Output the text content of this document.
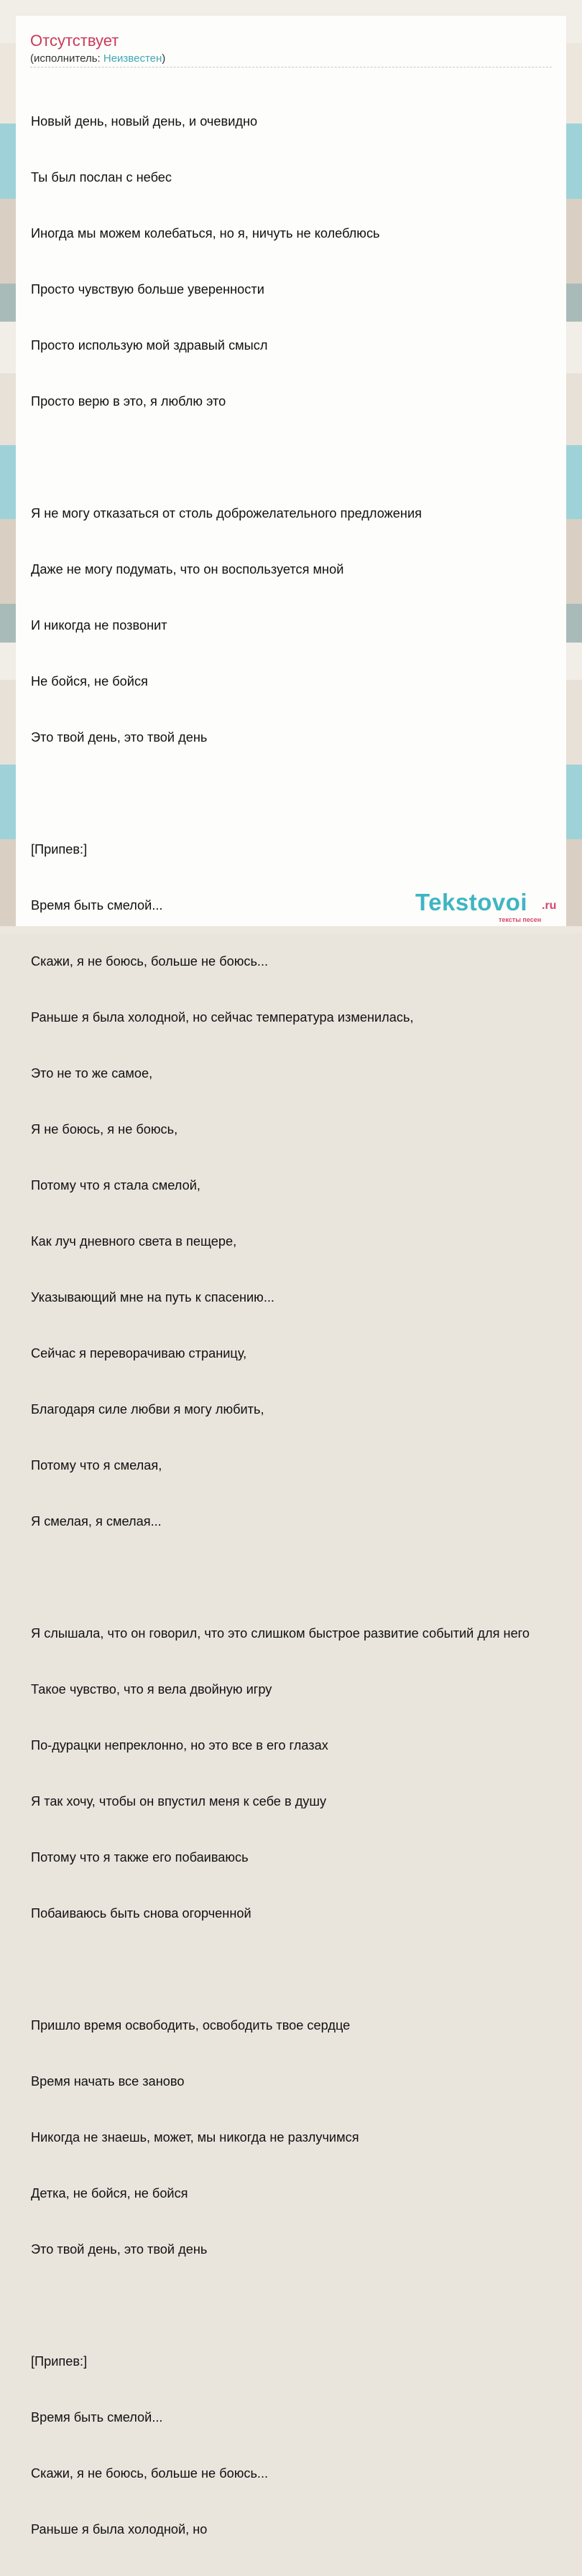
Отсутствует
(исполнитель: Неизвестен)

Новый день, новый день, и очевидно

Ты был послан с небес

Иногда мы можем колебаться, но я, ничуть не колеблюсь

Просто чувствую больше уверенности

Просто использую мой здравый смысл

Просто верю в это, я люблю это

Я не могу отказаться от столь доброжелательного предложения

Даже не могу подумать, что он воспользуется мной

И никогда не позвонит

Не бойся, не бойся

Это твой день, это твой день

[Припев:]

Время быть смелой...

Скажи, я не боюсь, больше не боюсь...

Раньше я была холодной, но сейчас температура изменилась,

Это не то же самое,

Я не боюсь, я не боюсь,

Потому что я стала смелой,

Как луч дневного света в пещере,

Указывающий мне на путь к спасению...

Сейчас я переворачиваю страницу,

Благодаря силе любви я могу любить,

Потому что я смелая,

Я смелая, я смелая...

Я слышала, что он говорил, что это слишком быстрое развитие событий для него

Такое чувство, что я вела двойную игру

По-дурацки непреклонно, но это все в его глазах

Я так хочу, чтобы он впустил меня к себе в душу

Потому что я также его побаиваюсь

Побаиваюсь быть снова огорченной

Пришло время освободить, освободить твое сердце

Время начать все заново

Никогда не знаешь, может, мы никогда не разлучимся

Детка, не бойся, не бойся

Это твой день, это твой день

[Припев:]

Время быть смелой...

Скажи, я не боюсь, больше не боюсь...

Раньше я была холодной, но

Tekstovoi .ru
тексты песен
